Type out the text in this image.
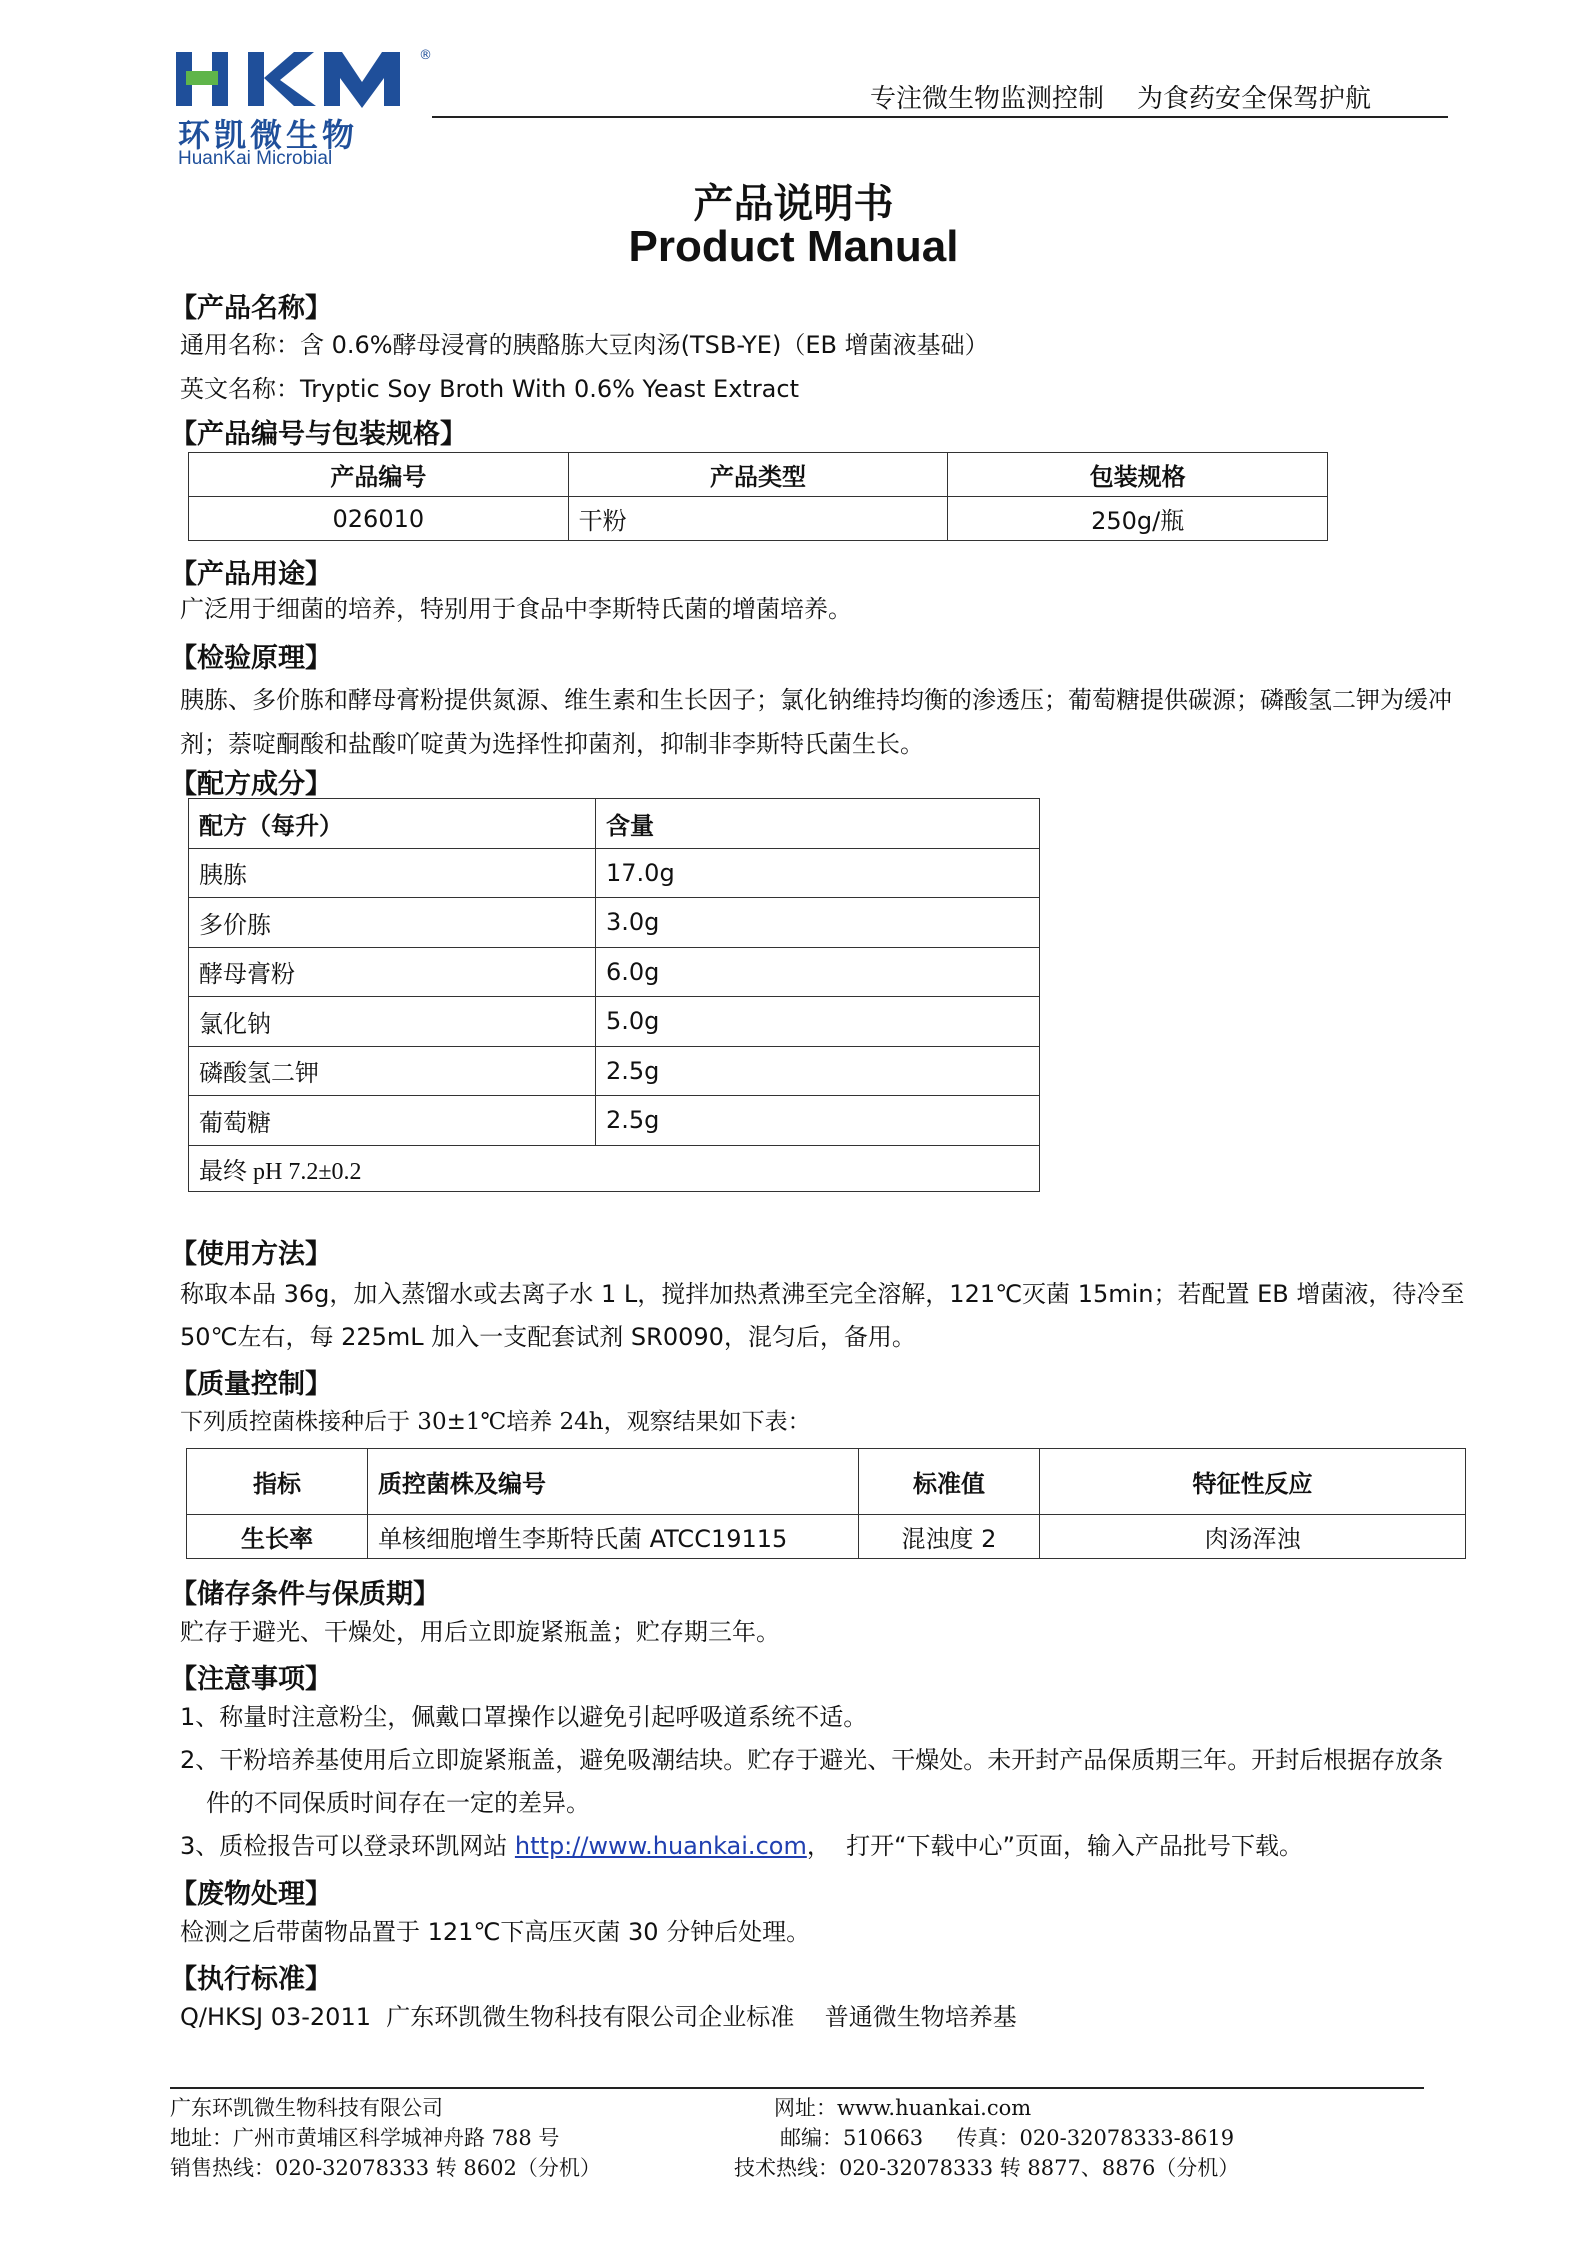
®
环凯微生物
HuanKai Microbial
专注微生物监测控制    为食药安全保驾护航
产品说明书
Product Manual
【产品名称】
通用名称：含 0.6%酵母浸膏的胰酪胨大豆肉汤(TSB-YE)（EB 增菌液基础）
英文名称：Tryptic Soy Broth With 0.6% Yeast Extract
【产品编号与包装规格】
产品编号	产品类型	包装规格
026010	干粉	250g/瓶
【产品用途】
广泛用于细菌的培养，特别用于食品中李斯特氏菌的增菌培养。
【检验原理】
胰胨、多价胨和酵母膏粉提供氮源、维生素和生长因子；氯化钠维持均衡的渗透压；葡萄糖提供碳源；磷酸氢二钾为缓冲剂；萘啶酮酸和盐酸吖啶黄为选择性抑菌剂，抑制非李斯特氏菌生长。
【配方成分】
配方（每升）	含量
胰胨	17.0g
多价胨	3.0g
酵母膏粉	6.0g
氯化钠	5.0g
磷酸氢二钾	2.5g
葡萄糖	2.5g
最终 pH 7.2±0.2	
【使用方法】
称取本品 36g，加入蒸馏水或去离子水 1 L，搅拌加热煮沸至完全溶解，121℃灭菌 15min；若配置 EB 增菌液，待冷至
50℃左右，每 225mL 加入一支配套试剂 SR0090，混匀后，备用。
【质量控制】
下列质控菌株接种后于 30±1℃培养 24h，观察结果如下表：
指标	质控菌株及编号	标准值	特征性反应
生长率	单核细胞增生李斯特氏菌 ATCC19115	混浊度 2	肉汤浑浊
【储存条件与保质期】
贮存于避光、干燥处，用后立即旋紧瓶盖；贮存期三年。
【注意事项】
1、称量时注意粉尘，佩戴口罩操作以避免引起呼吸道系统不适。
2、干粉培养基使用后立即旋紧瓶盖，避免吸潮结块。贮存于避光、干燥处。未开封产品保质期三年。开封后根据存放条
件的不同保质时间存在一定的差异。
3、质检报告可以登录环凯网站 http://www.huankai.com，  打开“下载中心”页面，输入产品批号下载。
【废物处理】
检测之后带菌物品置于 121℃下高压灭菌 30 分钟后处理。
【执行标准】
Q/HKSJ 03-2011  广东环凯微生物科技有限公司企业标准    普通微生物培养基
广东环凯微生物科技有限公司
地址：广州市黄埔区科学城神舟路 788 号
销售热线：020-32078333 转 8602（分机）
网址：www.huankai.com
邮编：510663     传真：020-32078333-8619
技术热线：020-32078333 转 8877、8876（分机）
